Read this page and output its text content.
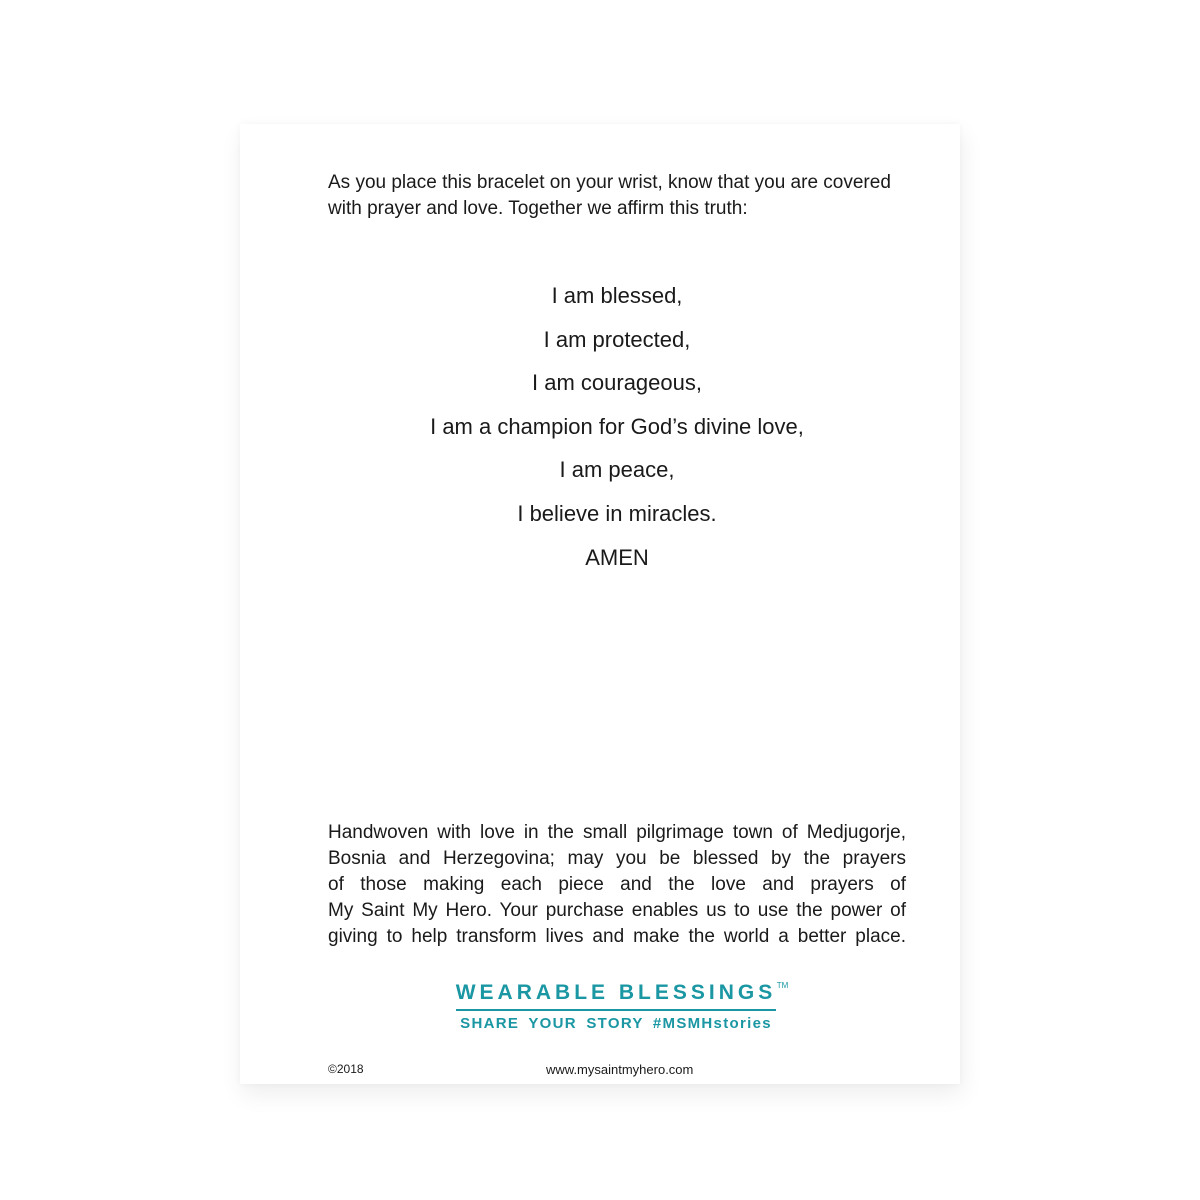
As you place this bracelet on your wrist, know that you are covered
with prayer and love. Together we affirm this truth:
I am blessed,
I am protected,
I am courageous,
I am a champion for God’s divine love,
I am peace,
I believe in miracles.
AMEN
Handwoven with love in the small pilgrimage town of Medjugorje,
Bosnia and Herzegovina; may you be blessed by the prayers
of those making each piece and the love and prayers of
My Saint My Hero. Your purchase enables us to use the power of
giving to help transform lives and make the world a better place.
WEARABLE BLESSINGS TM
SHARE YOUR STORY #MSMHstories
©2018	www.mysaintmyhero.com
